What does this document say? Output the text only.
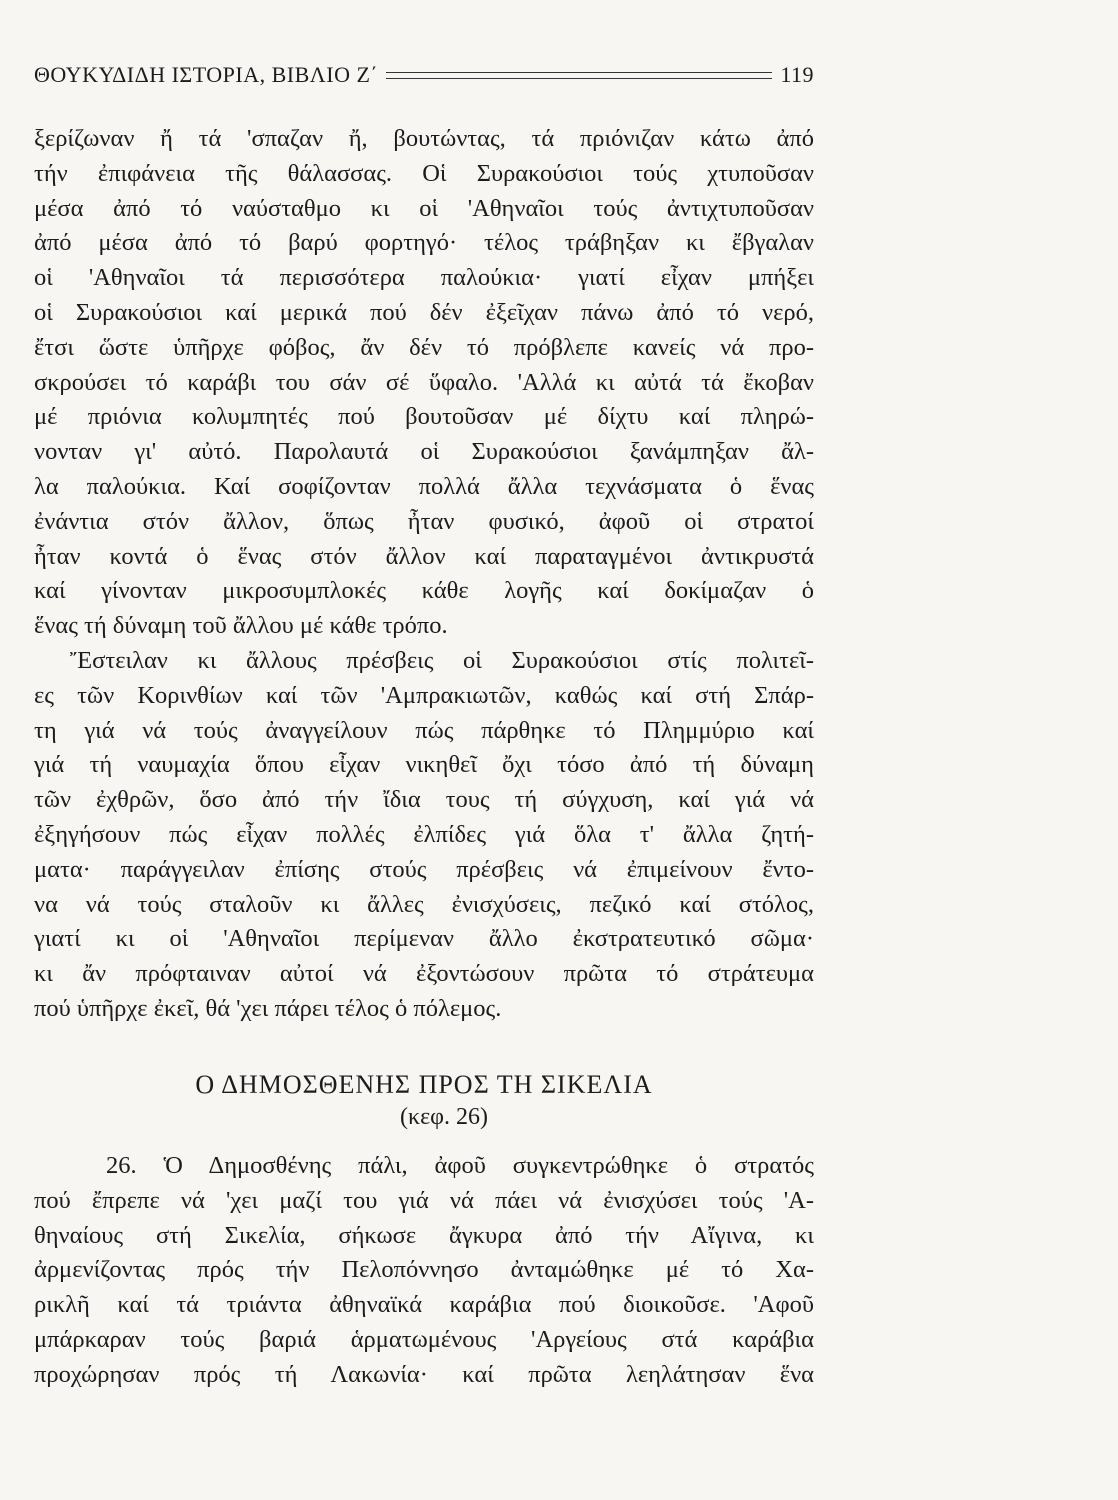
ΘΟΥΚΥΔΙΔΗ ΙΣΤΟΡΙΑ, ΒΙΒΛΙΟ Ζ΄	119
ξερίζωναν ἤ τά 'σπαζαν ἤ, βουτώντας, τά πριόνιζαν κάτω ἀπό
τήν ἐπιφάνεια τῆς θάλασσας. Οἱ Συρακούσιοι τούς χτυποῦσαν
μέσα ἀπό τό ναύσταθμο κι οἱ 'Αθηναῖοι τούς ἀντιχτυποῦσαν
ἀπό μέσα ἀπό τό βαρύ φορτηγό· τέλος τράβηξαν κι ἔβγαλαν
οἱ 'Αθηναῖοι τά περισσότερα παλούκια· γιατί εἶχαν μπήξει
οἱ Συρακούσιοι καί μερικά πού δέν ἐξεῖχαν πάνω ἀπό τό νερό,
ἔτσι ὥστε ὑπῆρχε φόβος, ἄν δέν τό πρόβλεπε κανείς νά προ-
σκρούσει τό καράβι του σάν σέ ὕφαλο. 'Αλλά κι αὐτά τά ἔκοβαν
μέ πριόνια κολυμπητές πού βουτοῦσαν μέ δίχτυ καί πληρώ-
νονταν γι' αὐτό. Παρολαυτά οἱ Συρακούσιοι ξανάμπηξαν ἄλ-
λα παλούκια. Καί σοφίζονταν πολλά ἄλλα τεχνάσματα ὁ ἕνας
ἐνάντια στόν ἄλλον, ὅπως ἦταν φυσικό, ἀφοῦ οἱ στρατοί
ἦταν κοντά ὁ ἕνας στόν ἄλλον καί παραταγμένοι ἀντικρυστά
καί γίνονταν μικροσυμπλοκές κάθε λογῆς καί δοκίμαζαν ὁ
ἕνας τή δύναμη τοῦ ἄλλου μέ κάθε τρόπο.
Ἔστειλαν κι ἄλλους πρέσβεις οἱ Συρακούσιοι στίς πολιτεῖ-
ες τῶν Κορινθίων καί τῶν 'Αμπρακιωτῶν, καθώς καί στή Σπάρ-
τη γιά νά τούς ἀναγγείλουν πώς πάρθηκε τό Πλημμύριο καί
γιά τή ναυμαχία ὅπου εἶχαν νικηθεῖ ὄχι τόσο ἀπό τή δύναμη
τῶν ἐχθρῶν, ὅσο ἀπό τήν ἴδια τους τή σύγχυση, καί γιά νά
ἐξηγήσουν πώς εἶχαν πολλές ἐλπίδες γιά ὅλα τ' ἄλλα ζητή-
ματα· παράγγειλαν ἐπίσης στούς πρέσβεις νά ἐπιμείνουν ἔντο-
να νά τούς σταλοῦν κι ἄλλες ἐνισχύσεις, πεζικό καί στόλος,
γιατί κι οἱ 'Αθηναῖοι περίμεναν ἄλλο ἐκστρατευτικό σῶμα·
κι ἄν πρόφταιναν αὐτοί νά ἐξοντώσουν πρῶτα τό στράτευμα
πού ὑπῆρχε ἐκεῖ, θά 'χει πάρει τέλος ὁ πόλεμος.
Ο ΔΗΜΟΣΘΕΝΗΣ ΠΡΟΣ ΤΗ ΣΙΚΕΛΙΑ
(κεφ. 26)
26. Ὁ Δημοσθένης πάλι, ἀφοῦ συγκεντρώθηκε ὁ στρατός
πού ἔπρεπε νά 'χει μαζί του γιά νά πάει νά ἐνισχύσει τούς 'Α-
θηναίους στή Σικελία, σήκωσε ἄγκυρα ἀπό τήν Αἴγινα, κι
ἀρμενίζοντας πρός τήν Πελοπόννησο ἀνταμώθηκε μέ τό Χα-
ρικλῆ καί τά τριάντα ἀθηναϊκά καράβια πού διοικοῦσε. 'Αφοῦ
μπάρκαραν τούς βαριά ἁρματωμένους 'Αργείους στά καράβια
προχώρησαν πρός τή Λακωνία· καί πρῶτα λεηλάτησαν ἕνα
